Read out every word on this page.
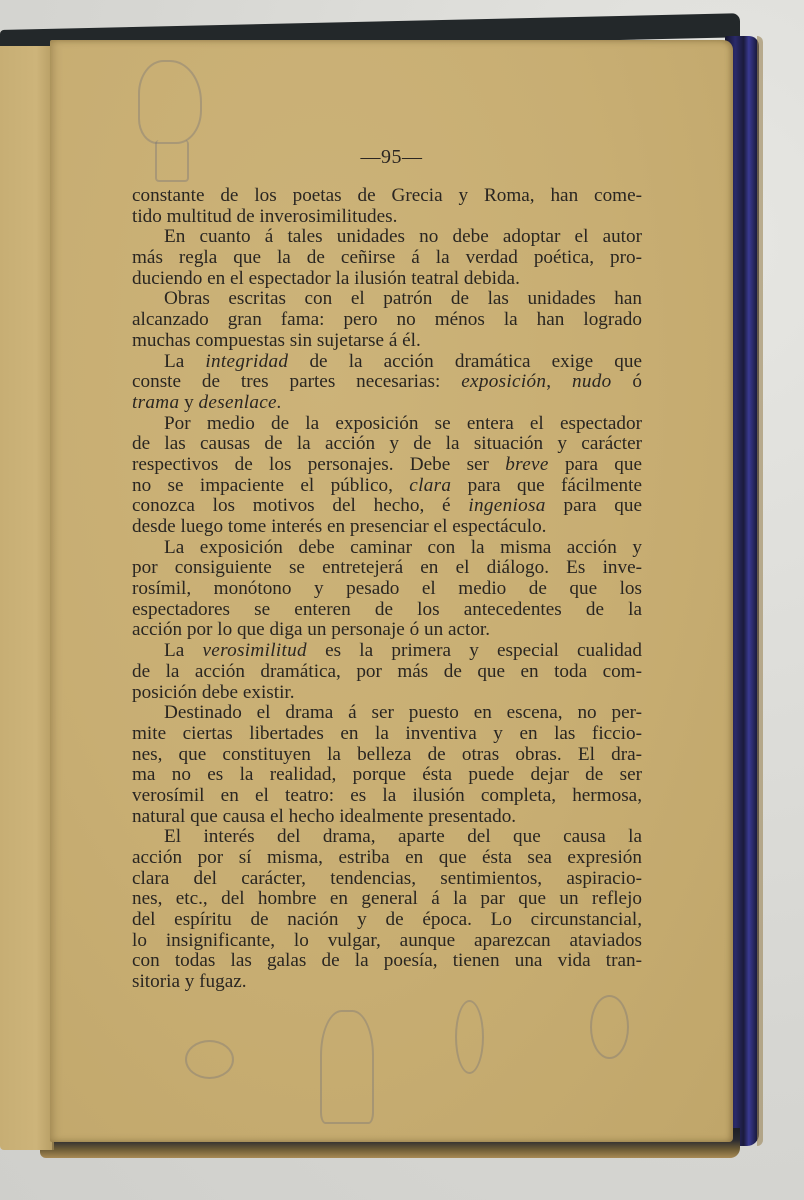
—95—
constante de los poetas de Grecia y Roma, han come-
tido multitud de inverosimilitudes.
En cuanto á tales unidades no debe adoptar el autor
más regla que la de ceñirse á la verdad poética, pro-
duciendo en el espectador la ilusión teatral debida.
Obras escritas con el patrón de las unidades han
alcanzado gran fama: pero no ménos la han logrado
muchas compuestas sin sujetarse á él.
La integridad de la acción dramática exige que
conste de tres partes necesarias: exposición, nudo ó
trama y desenlace.
Por medio de la exposición se entera el espectador
de las causas de la acción y de la situación y carácter
respectivos de los personajes. Debe ser breve para que
no se impaciente el público, clara para que fácilmente
conozca los motivos del hecho, é ingeniosa para que
desde luego tome interés en presenciar el espectáculo.
La exposición debe caminar con la misma acción y
por consiguiente se entretejerá en el diálogo. Es inve-
rosímil, monótono y pesado el medio de que los
espectadores se enteren de los antecedentes de la
acción por lo que diga un personaje ó un actor.
La verosimilitud es la primera y especial cualidad
de la acción dramática, por más de que en toda com-
posición debe existir.
Destinado el drama á ser puesto en escena, no per-
mite ciertas libertades en la inventiva y en las ficcio-
nes, que constituyen la belleza de otras obras. El dra-
ma no es la realidad, porque ésta puede dejar de ser
verosímil en el teatro: es la ilusión completa, hermosa,
natural que causa el hecho idealmente presentado.
El interés del drama, aparte del que causa la
acción por sí misma, estriba en que ésta sea expresión
clara del carácter, tendencias, sentimientos, aspiracio-
nes, etc., del hombre en general á la par que un reflejo
del espíritu de nación y de época. Lo circunstancial,
lo insignificante, lo vulgar, aunque aparezcan ataviados
con todas las galas de la poesía, tienen una vida tran-
sitoria y fugaz.
